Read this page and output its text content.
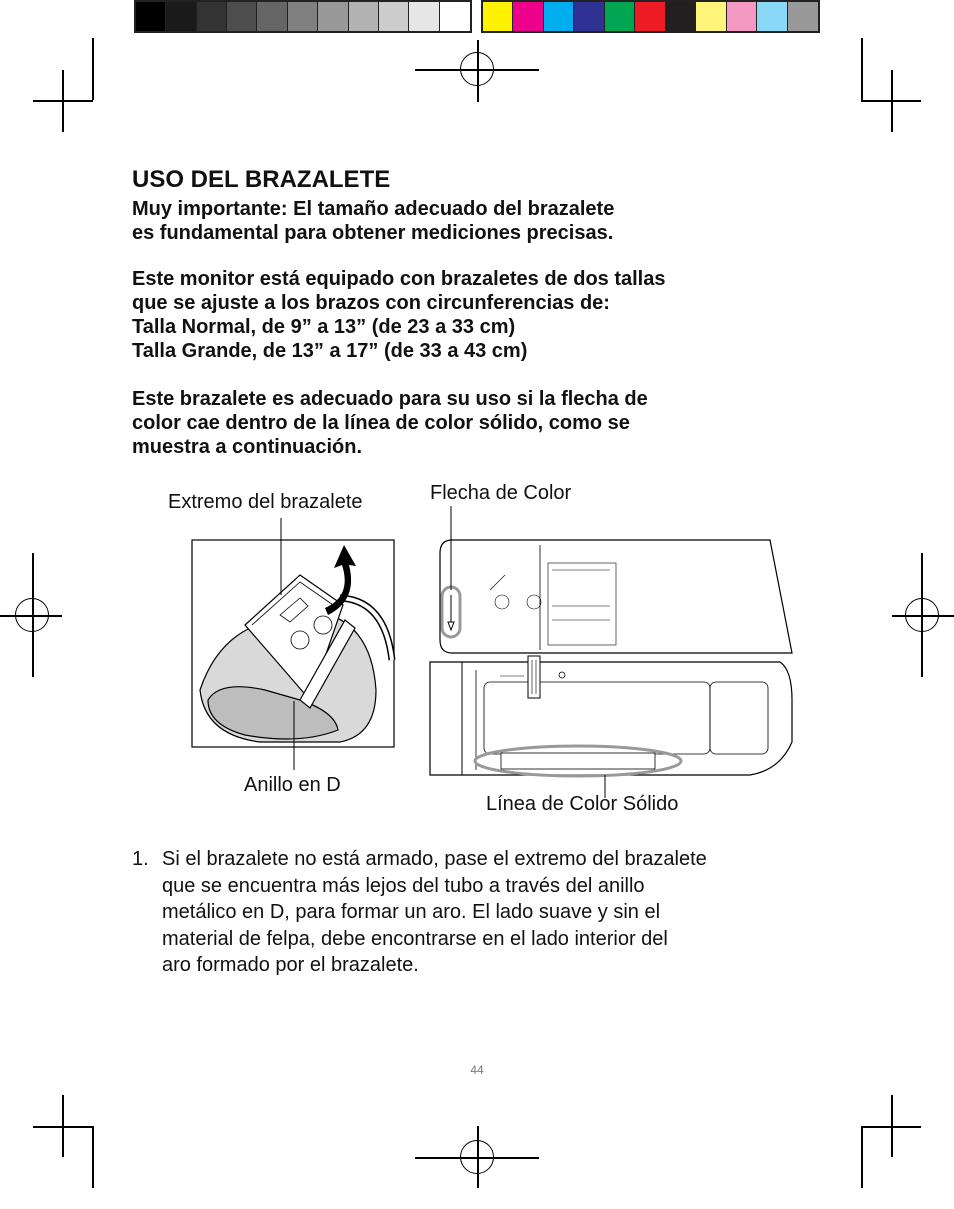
USO DEL BRAZALETE

Muy importante: El tamaño adecuado del brazalete
es fundamental para obtener mediciones precisas.

Este monitor está equipado con brazaletes de dos tallas
que se ajuste a los brazos con circunferencias de:
Talla Normal, de 9” a 13” (de 23 a 33 cm)
Talla Grande, de 13” a 17” (de 33 a 43 cm)

Este brazalete es adecuado para su uso si la flecha de
color cae dentro de la línea de color sólido, como se
muestra a continuación.

Extremo del brazalete	Flecha de Color
Anillo en D
Línea de Color Sólido
1. Si el brazalete no está armado, pase el extremo del brazalete
que se encuentra más lejos del tubo a través del anillo
metálico en D, para formar un aro. El lado suave y sin el
material de felpa, debe encontrarse en el lado interior del
aro formado por el brazalete.
44
